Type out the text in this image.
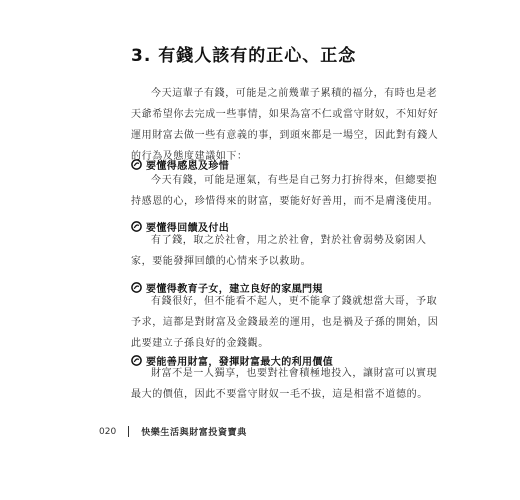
3. 有錢人該有的正心、正念
今天這輩子有錢，可能是之前幾輩子累積的福分，有時也是老
天爺希望你去完成一些事情，如果為富不仁或當守財奴，不知好好
運用財富去做一些有意義的事，到頭來都是一場空，因此對有錢人
的行為及態度建議如下：
要懂得感恩及珍惜
今天有錢，可能是運氣，有些是自己努力打拚得來，但總要抱
持感恩的心，珍惜得來的財富，要能好好善用，而不是膚淺使用。
要懂得回饋及付出
有了錢，取之於社會，用之於社會，對於社會弱勢及窮困人
家，要能發揮回饋的心情來予以救助。
要懂得教育子女，建立良好的家風門規
有錢很好，但不能看不起人，更不能拿了錢就想當大哥，予取
予求，這都是對財富及金錢最差的運用，也是禍及子孫的開始，因
此要建立子孫良好的金錢觀。
要能善用財富，發揮財富最大的利用價值
財富不是一人獨享，也要對社會積極地投入，讓財富可以實現
最大的價值，因此不要當守財奴一毛不拔，這是相當不道德的。
020	快樂生活與財富投資寶典
